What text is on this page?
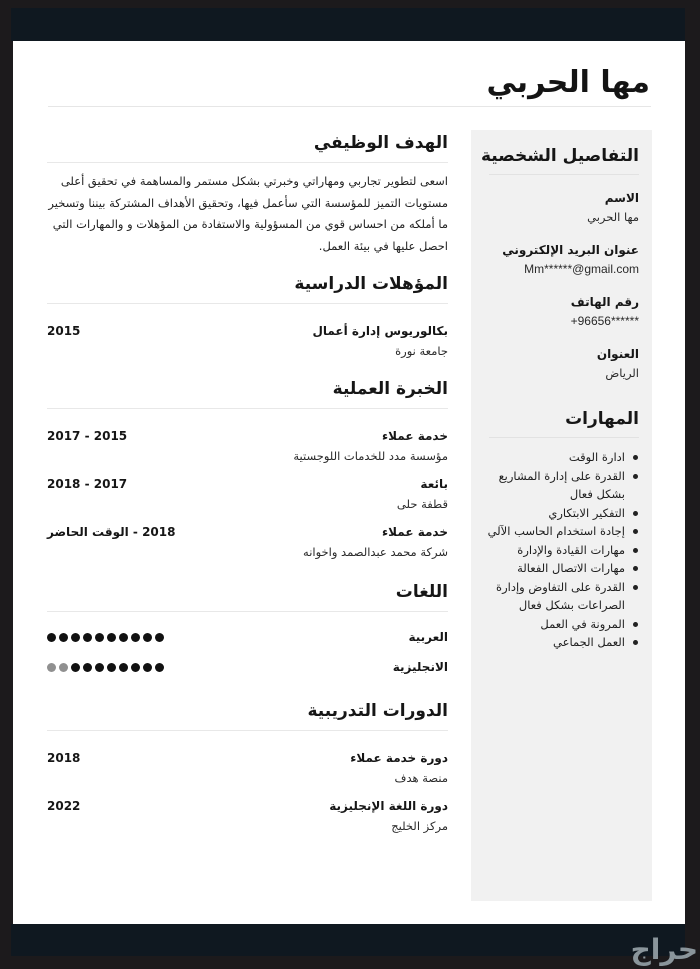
مها الحربي
التفاصيل الشخصية
الاسم
مها الحربي
عنوان البريد الإلكتروني
Mm******@gmail.com
رقم الهاتف
+96656******
العنوان
الرياض
المهارات
ادارة الوقت
القدرة على إدارة المشاريع بشكل فعال
التفكير الابتكاري
إجادة استخدام الحاسب الآلي
مهارات القيادة والإدارة
مهارات الاتصال الفعالة
القدرة على التفاوض وإدارة الصراعات بشكل فعال
المرونة في العمل
العمل الجماعي
الهدف الوظيفي

اسعى لتطوير تجاربي ومهاراتي وخبرتي بشكل مستمر والمساهمة في تحقيق أعلى مستويات التميز للمؤسسة التي سأعمل فيها، وتحقيق الأهداف المشتركة بيننا وتسخير ما أملكه من احساس قوي من المسؤولية والاستفادة من المؤهلات و والمهارات التي احصل عليها في بيئة العمل.

المؤهلات الدراسية
بكالوريوس إدارة أعمال
جامعة نورة
2015
الخبرة العملية
خدمة عملاء
مؤسسة مدد للخدمات اللوجستية
2015 - 2017
بائعة
قطفة حلى
2017 - 2018
خدمة عملاء
شركة محمد عبدالصمد واخوانه
2018 - الوقت الحاضر
اللغات
العربية
الانجليزية
الدورات التدريبية
دورة خدمة عملاء
منصة هدف
2018
دورة اللغة الإنجليزية
مركز الخليج
2022
حراج
